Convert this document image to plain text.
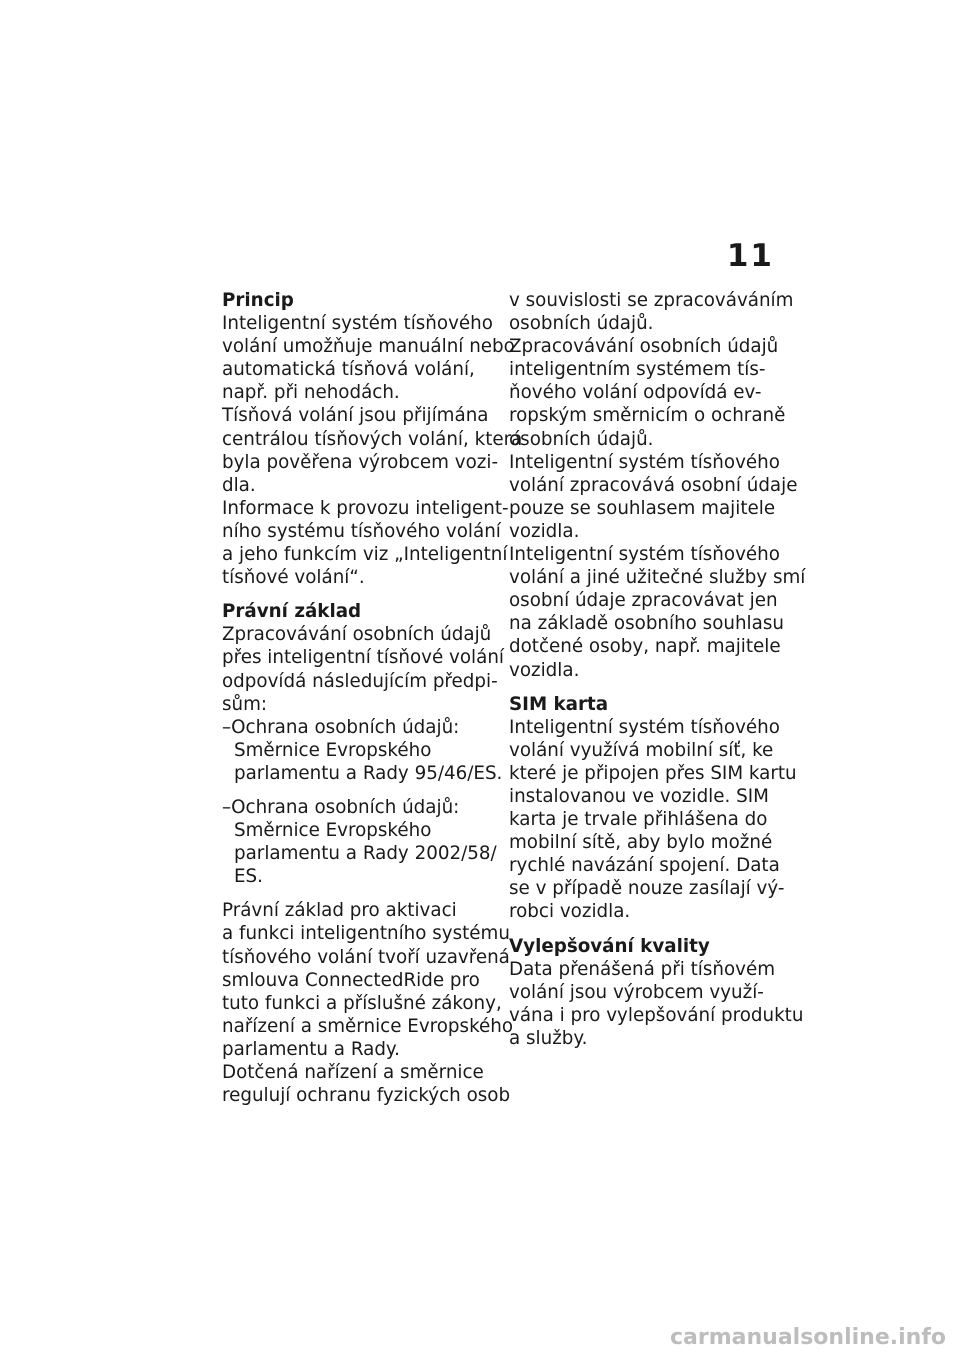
11
Princip
Inteligentní systém tísňového
volání umožňuje manuální nebo
automatická tísňová volání,
např. při nehodách.
Tísňová volání jsou přijímána
centrálou tísňových volání, která
byla pověřena výrobcem vozi-
dla.
Informace k provozu inteligent-
ního systému tísňového volání
a jeho funkcím viz „Inteligentní
tísňové volání“.
Právní základ
Zpracovávání osobních údajů
přes inteligentní tísňové volání
odpovídá následujícím předpi-
sům:
–Ochrana osobních údajů:
Směrnice Evropského
parlamentu a Rady 95/46/ES.
–Ochrana osobních údajů:
Směrnice Evropského
parlamentu a Rady 2002/58/
ES.
Právní základ pro aktivaci
a funkci inteligentního systému
tísňového volání tvoří uzavřená
smlouva ConnectedRide pro
tuto funkci a příslušné zákony,
nařízení a směrnice Evropského
parlamentu a Rady.
Dotčená nařízení a směrnice
regulují ochranu fyzických osob
v souvislosti se zpracováváním
osobních údajů.
Zpracovávání osobních údajů
inteligentním systémem tís-
ňového volání odpovídá ev-
ropským směrnicím o ochraně
osobních údajů.
Inteligentní systém tísňového
volání zpracovává osobní údaje
pouze se souhlasem majitele
vozidla.
Inteligentní systém tísňového
volání a jiné užitečné služby smí
osobní údaje zpracovávat jen
na základě osobního souhlasu
dotčené osoby, např. majitele
vozidla.
SIM karta
Inteligentní systém tísňového
volání využívá mobilní síť, ke
které je připojen přes SIM kartu
instalovanou ve vozidle. SIM
karta je trvale přihlášena do
mobilní sítě, aby bylo možné
rychlé navázání spojení. Data
se v případě nouze zasílají vý-
robci vozidla.
Vylepšování kvality
Data přenášená při tísňovém
volání jsou výrobcem využí-
vána i pro vylepšování produktu
a služby.
carmanualsonline.info
